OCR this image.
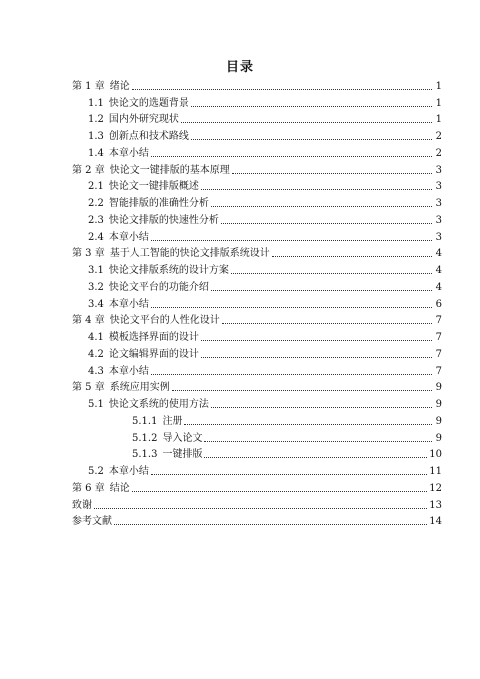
目录
第 1 章 绪论	1
1.1 快论文的选题背景	1
1.2 国内外研究现状	1
1.3 创新点和技术路线	2
1.4 本章小结	2
第 2 章 快论文一键排版的基本原理	3
2.1 快论文一键排版概述	3
2.2 智能排版的准确性分析	3
2.3 快论文排版的快速性分析	3
2.4 本章小结	3
第 3 章 基于人工智能的快论文排版系统设计	4
3.1 快论文排版系统的设计方案	4
3.2 快论文平台的功能介绍	4
3.4 本章小结	6
第 4 章 快论文平台的人性化设计	7
4.1 模板选择界面的设计	7
4.2 论文编辑界面的设计	7
4.3 本章小结	7
第 5 章 系统应用实例	9
5.1 快论文系统的使用方法	9
5.1.1 注册	9
5.1.2 导入论文	9
5.1.3 一键排版	10
5.2 本章小结	11
第 6 章 结论	12
致谢	13
参考文献	14
